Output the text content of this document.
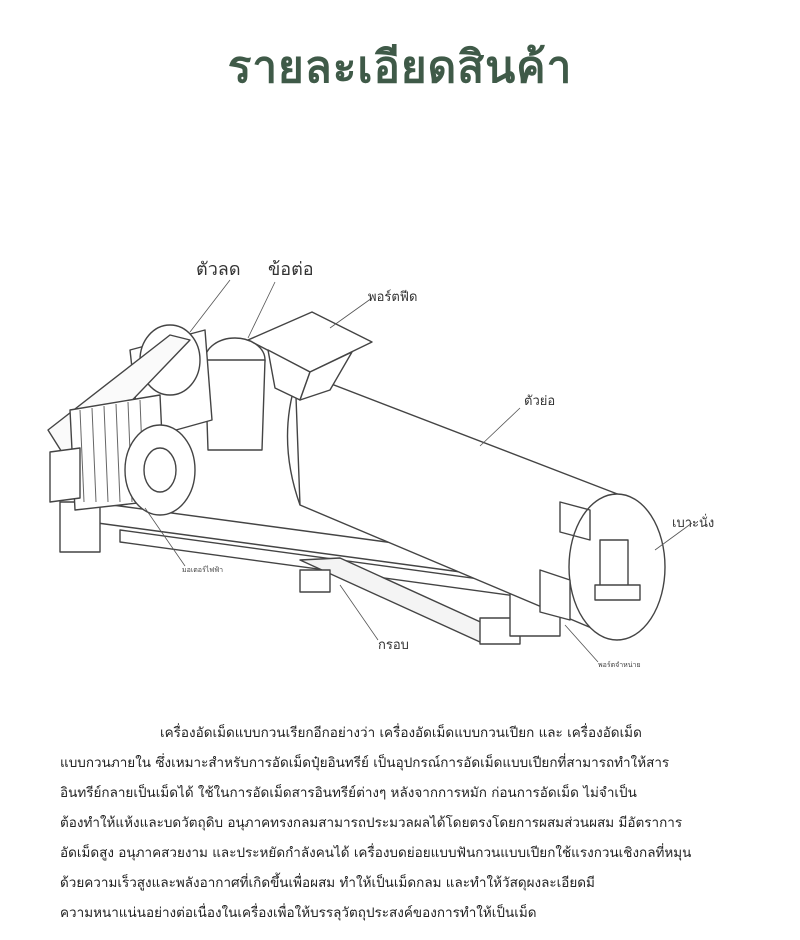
รายละเอียดสินค้า
ตัวลด ข้อต่อ
พอร์ตฟีด
ตัวย่อ
เบาะนั่ง
มอเตอร์ไฟฟ้า
กรอบ
พอร์ตจำหน่าย

เครื่องอัดเม็ดแบบกวนเรียกอีกอย่างว่า เครื่องอัดเม็ดแบบกวนเปียก และ เครื่องอัดเม็ด

แบบกวนภายใน ซึ่งเหมาะสำหรับการอัดเม็ดปุ๋ยอินทรีย์ เป็นอุปกรณ์การอัดเม็ดแบบเปียกที่สามารถทำให้สาร

อินทรีย์กลายเป็นเม็ดได้ ใช้ในการอัดเม็ดสารอินทรีย์ต่างๆ หลังจากการหมัก ก่อนการอัดเม็ด ไม่จำเป็น

ต้องทำให้แห้งและบดวัตถุดิบ อนุภาคทรงกลมสามารถประมวลผลได้โดยตรงโดยการผสมส่วนผสม มีอัตราการ

อัดเม็ดสูง อนุภาคสวยงาม และประหยัดกำลังคนได้ เครื่องบดย่อยแบบฟันกวนแบบเปียกใช้แรงกวนเชิงกลที่หมุน

ด้วยความเร็วสูงและพลังอากาศที่เกิดขึ้นเพื่อผสม ทำให้เป็นเม็ดกลม และทำให้วัสดุผงละเอียดมี

ความหนาแน่นอย่างต่อเนื่องในเครื่องเพื่อให้บรรลุวัตถุประสงค์ของการทำให้เป็นเม็ด
